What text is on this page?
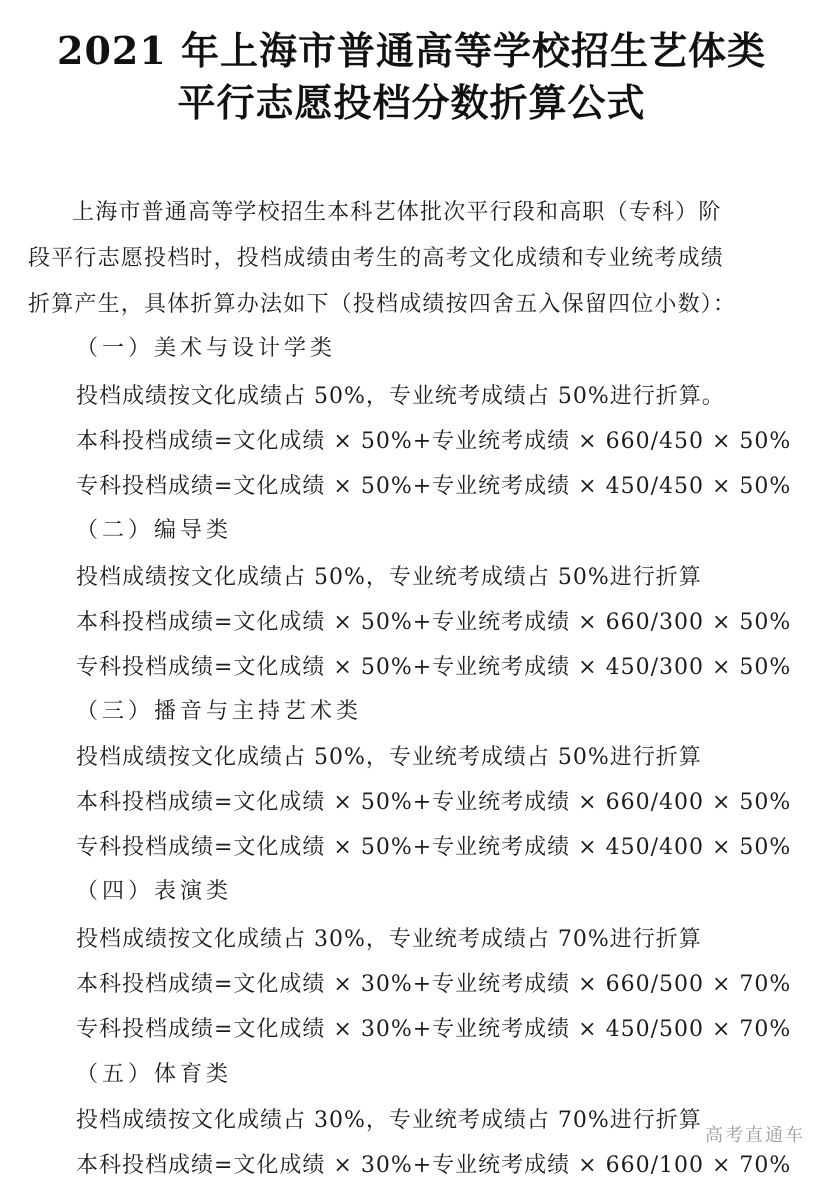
2021 年上海市普通高等学校招生艺体类
平行志愿投档分数折算公式
上海市普通高等学校招生本科艺体批次平行段和高职（专科）阶
段平行志愿投档时，投档成绩由考生的高考文化成绩和专业统考成绩
折算产生，具体折算办法如下（投档成绩按四舍五入保留四位小数）：
（一）美术与设计学类
投档成绩按文化成绩占 50%，专业统考成绩占 50%进行折算。
本科投档成绩=文化成绩 × 50%+专业统考成绩 × 660/450 × 50%
专科投档成绩=文化成绩 × 50%+专业统考成绩 × 450/450 × 50%
（二）编导类
投档成绩按文化成绩占 50%，专业统考成绩占 50%进行折算
本科投档成绩=文化成绩 × 50%+专业统考成绩 × 660/300 × 50%
专科投档成绩=文化成绩 × 50%+专业统考成绩 × 450/300 × 50%
（三）播音与主持艺术类
投档成绩按文化成绩占 50%，专业统考成绩占 50%进行折算
本科投档成绩=文化成绩 × 50%+专业统考成绩 × 660/400 × 50%
专科投档成绩=文化成绩 × 50%+专业统考成绩 × 450/400 × 50%
（四）表演类
投档成绩按文化成绩占 30%，专业统考成绩占 70%进行折算
本科投档成绩=文化成绩 × 30%+专业统考成绩 × 660/500 × 70%
专科投档成绩=文化成绩 × 30%+专业统考成绩 × 450/500 × 70%
（五）体育类
投档成绩按文化成绩占 30%，专业统考成绩占 70%进行折算
本科投档成绩=文化成绩 × 30%+专业统考成绩 × 660/100 × 70%
高考直通车
